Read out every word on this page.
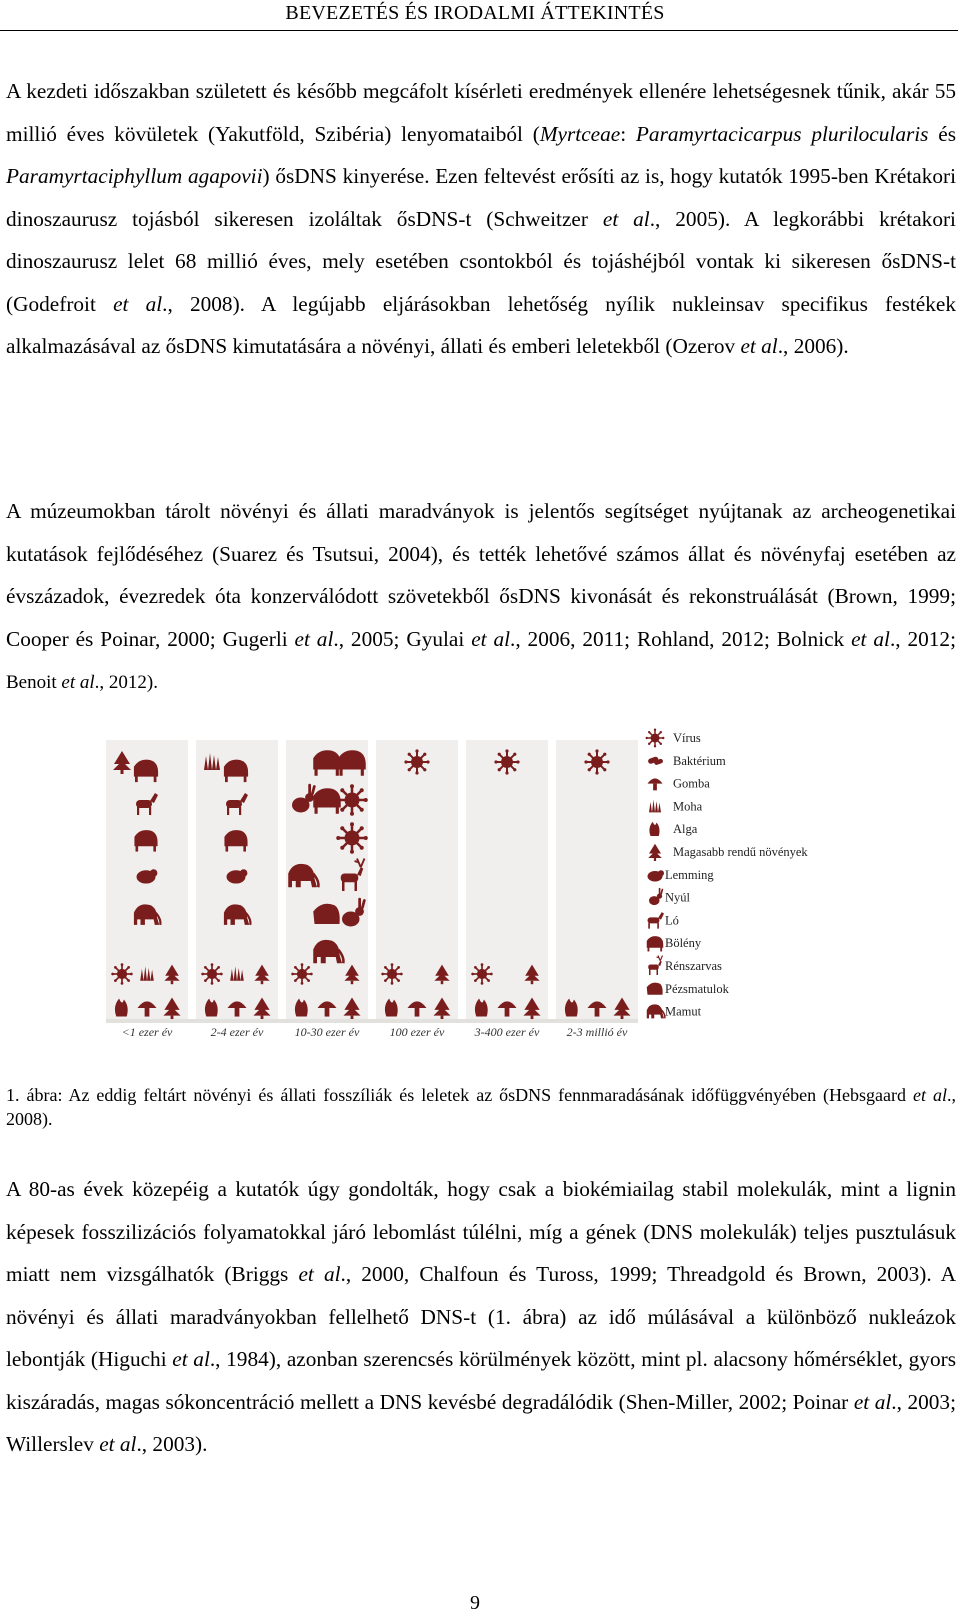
BEVEZETÉS ÉS IRODALMI ÁTTEKINTÉS

A kezdeti időszakban született és később megcáfolt kísérleti eredmények ellenére lehetségesnek tűnik, akár 55 millió éves kövületek (Yakutföld, Szibéria) lenyomataiból (Myrtceae: Paramyrtacicarpus plurilocularis és Paramyrtaciphyllum agapovii) ősDNS kinyerése. Ezen feltevést erősíti az is, hogy kutatók 1995-ben Krétakori dinoszaurusz tojásból sikeresen izoláltak ősDNS-t (Schweitzer et al., 2005). A legkorábbi krétakori dinoszaurusz lelet 68 millió éves, mely esetében csontokból és tojáshéjból vontak ki sikeresen ősDNS-t (Godefroit et al., 2008). A legújabb eljárásokban lehetőség nyílik nukleinsav specifikus festékek alkalmazásával az ősDNS kimutatására a növényi, állati és emberi leletekből (Ozerov et al., 2006).

A múzeumokban tárolt növényi és állati maradványok is jelentős segítséget nyújtanak az archeogenetikai kutatások fejlődéséhez (Suarez és Tsutsui, 2004), és tették lehetővé számos állat és növényfaj esetében az évszázadok, évezredek óta konzerválódott szövetekből ősDNS kivonását és rekonstruálását (Brown, 1999; Cooper és Poinar, 2000; Gugerli et al., 2005; Gyulai et al., 2006, 2011; Rohland, 2012; Bolnick et al., 2012; Benoit et al., 2012).

<1 ezer év	2-4 ezer év	10-30 ezer év	100 ezer év	3-400 ezer év 2-3 millió év
Vírus
Baktérium
Gomba
Moha
Alga
Magasabb rendű növények
Lemming
Nyúl
Ló
Bölény
Rénszarvas
Pézsmatulok
Mamut

1. ábra: Az eddig feltárt növényi és állati fosszíliák és leletek az ősDNS fennmaradásának időfüggvényében (Hebsgaard et al., 2008).

A 80-as évek közepéig a kutatók úgy gondolták, hogy csak a biokémiailag stabil molekulák, mint a lignin képesek fosszilizációs folyamatokkal járó lebomlást túlélni, míg a gének (DNS molekulák) teljes pusztulásuk miatt nem vizsgálhatók (Briggs et al., 2000, Chalfoun és Tuross, 1999; Threadgold és Brown, 2003). A növényi és állati maradványokban fellelhető DNS-t (1. ábra) az idő múlásával a különböző nukleázok lebontják (Higuchi et al., 1984), azonban szerencsés körülmények között, mint pl. alacsony hőmérséklet, gyors kiszáradás, magas sókoncentráció mellett a DNS kevésbé degradálódik (Shen-Miller, 2002; Poinar et al., 2003; Willerslev et al., 2003).

9
